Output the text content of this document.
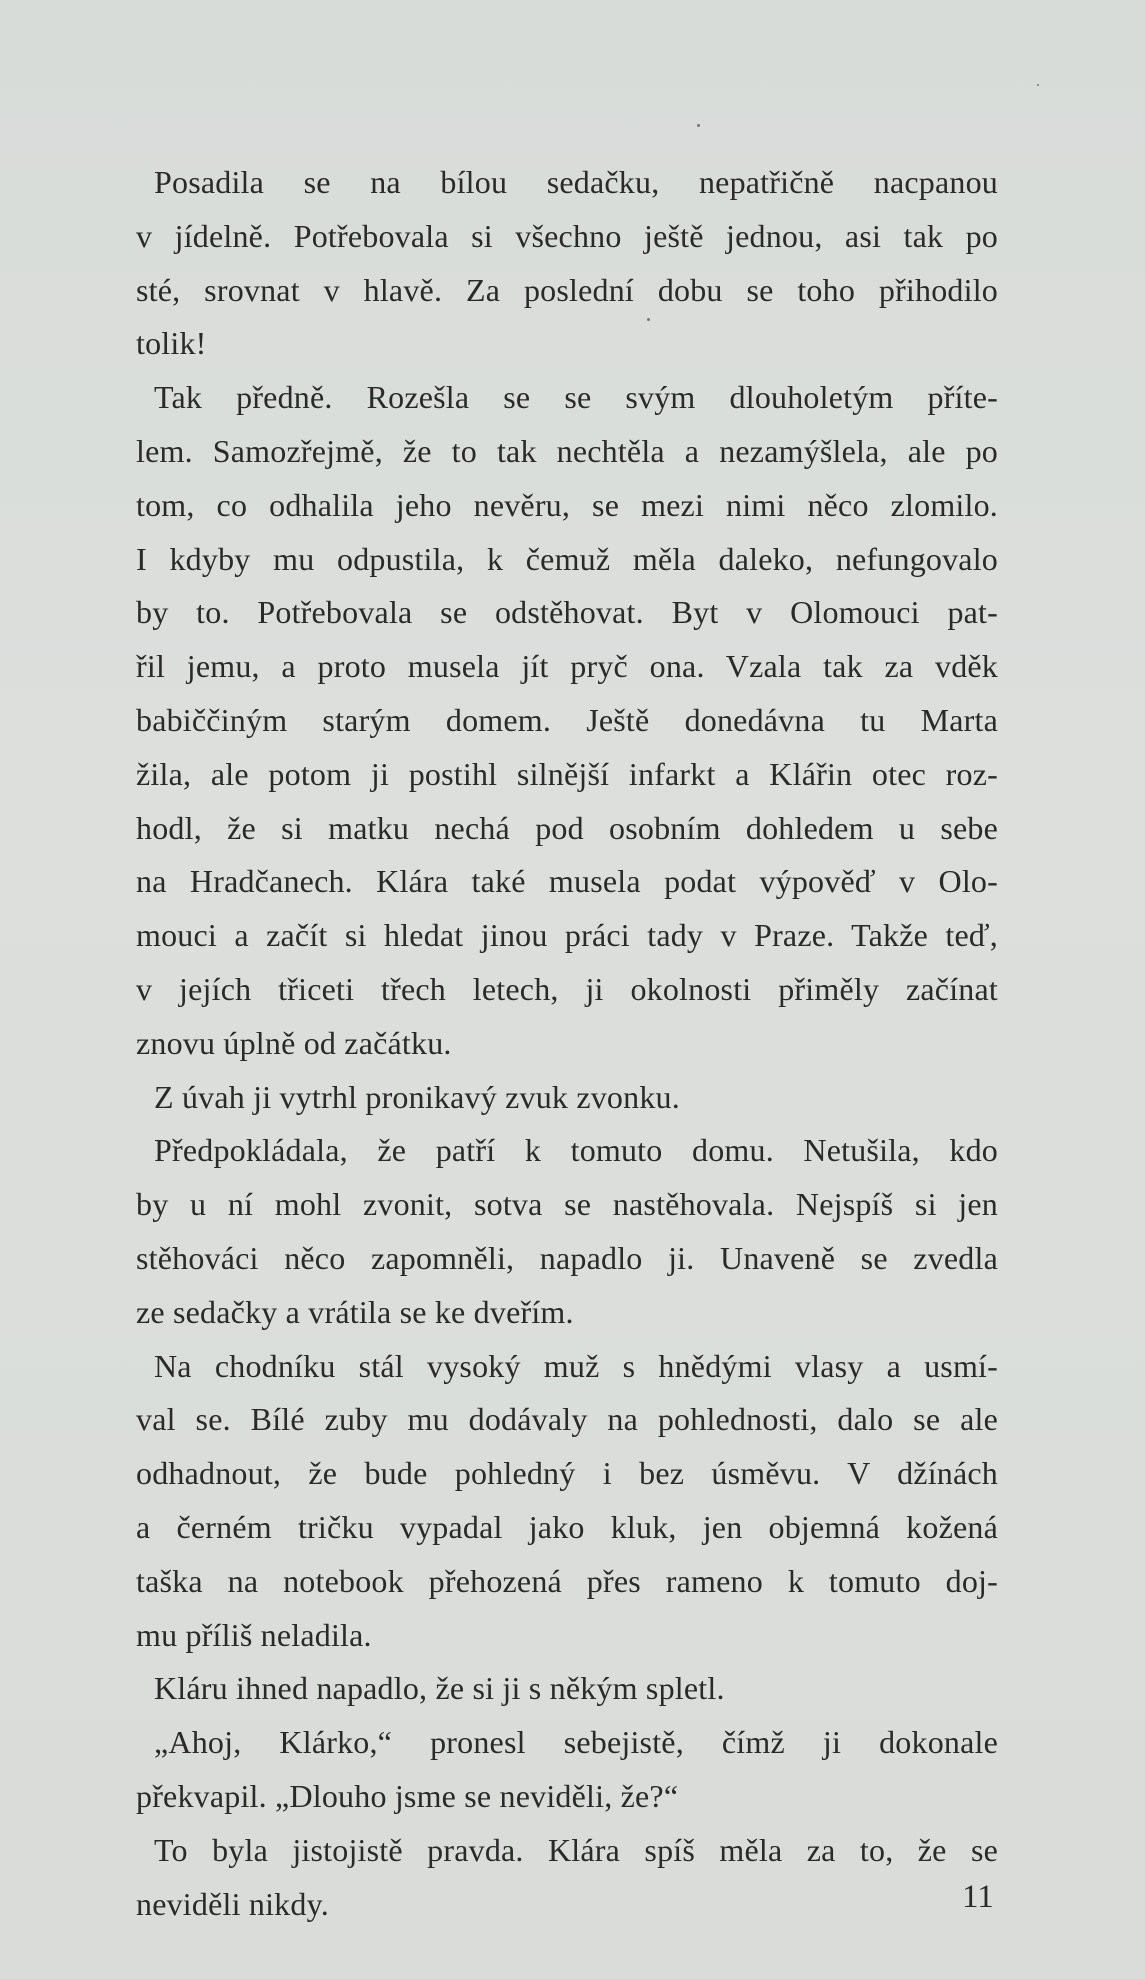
Posadila se na bílou sedačku, nepatřičně nacpanou
v jídelně. Potřebovala si všechno ještě jednou, asi tak po
sté, srovnat v hlavě. Za poslední dobu se toho přihodilo
tolik!

Tak předně. Rozešla se se svým dlouholetým příte-
lem. Samozřejmě, že to tak nechtěla a nezamýšlela, ale po
tom, co odhalila jeho nevěru, se mezi nimi něco zlomilo.
I kdyby mu odpustila, k čemuž měla daleko, nefungovalo
by to. Potřebovala se odstěhovat. Byt v Olomouci pat-
řil jemu, a proto musela jít pryč ona. Vzala tak za vděk
babiččiným starým domem. Ještě donedávna tu Marta
žila, ale potom ji postihl silnější infarkt a Klářin otec roz-
hodl, že si matku nechá pod osobním dohledem u sebe
na Hradčanech. Klára také musela podat výpověď v Olo-
mouci a začít si hledat jinou práci tady v Praze. Takže teď,
v jejích třiceti třech letech, ji okolnosti přiměly začínat
znovu úplně od začátku.

Z úvah ji vytrhl pronikavý zvuk zvonku.

Předpokládala, že patří k tomuto domu. Netušila, kdo
by u ní mohl zvonit, sotva se nastěhovala. Nejspíš si jen
stěhováci něco zapomněli, napadlo ji. Unaveně se zvedla
ze sedačky a vrátila se ke dveřím.

Na chodníku stál vysoký muž s hnědými vlasy a usmí-
val se. Bílé zuby mu dodávaly na pohlednosti, dalo se ale
odhadnout, že bude pohledný i bez úsměvu. V džínách
a černém tričku vypadal jako kluk, jen objemná kožená
taška na notebook přehozená přes rameno k tomuto doj-
mu příliš neladila.

Kláru ihned napadlo, že si ji s někým spletl.

„Ahoj, Klárko,“ pronesl sebejistě, čímž ji dokonale
překvapil. „Dlouho jsme se neviděli, že?“

To byla jistojistě pravda. Klára spíš měla za to, že se
neviděli nikdy.	11
